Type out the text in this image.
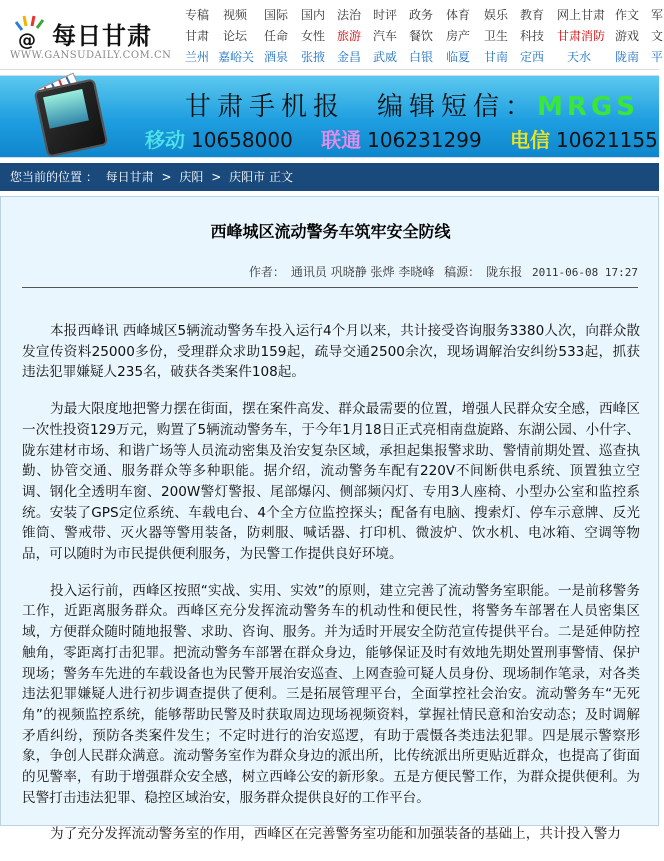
@ 每日甘肃
WWW.GANSUDAILY.COM.CN
专稿 视频 国际 国内 法治 时评 政务 体育 娱乐 教育 网上甘肃 作文 军
甘肃 论坛 任命 女性 旅游 汽车 餐饮 房产 卫生 科技 甘肃消防 游戏 文
兰州 嘉峪关 酒泉 张掖 金昌 武威 白银 临夏 甘南 定西 天水 陇南 平
甘肃手机报　编辑短信：MRGS
移动 10658000 联通 106231299 电信 10621155
您当前的位置 ： 每日甘肃 > 庆阳 > 庆阳市 正文
西峰城区流动警务车筑牢安全防线
作者： 通讯员 巩晓静 张烨 李晓峰 稿源： 陇东报 2011-06-08 17:27

本报西峰讯 西峰城区5辆流动警务车投入运行4个月以来，共计接受咨询服务3380人次，向群众散发宣传资料25000多份，受理群众求助159起，疏导交通2500余次，现场调解治安纠纷533起，抓获违法犯罪嫌疑人235名，破获各类案件108起。

为最大限度地把警力摆在街面，摆在案件高发、群众最需要的位置，增强人民群众安全感，西峰区一次性投资129万元，购置了5辆流动警务车，于今年1月18日正式亮相南盘旋路、东湖公园、小什字、陇东建材市场、和谐广场等人员流动密集及治安复杂区域，承担起集报警求助、警情前期处置、巡查执勤、协管交通、服务群众等多种职能。据介绍，流动警务车配有220V不间断供电系统、顶置独立空调、钢化全透明车窗、200W警灯警报、尾部爆闪、侧部频闪灯、专用3人座椅、小型办公室和监控系统。安装了GPS定位系统、车载电台、4个全方位监控探头；配备有电脑、搜索灯、停车示意牌、反光锥筒、警戒带、灭火器等警用装备，防刺服、喊话器、打印机、微波炉、饮水机、电冰箱、空调等物品，可以随时为市民提供便利服务，为民警工作提供良好环境。

投入运行前，西峰区按照“实战、实用、实效”的原则，建立完善了流动警务室职能。一是前移警务工作，近距离服务群众。西峰区充分发挥流动警务车的机动性和便民性，将警务车部署在人员密集区域，方便群众随时随地报警、求助、咨询、服务。并为适时开展安全防范宣传提供平台。二是延伸防控触角，零距离打击犯罪。把流动警务车部署在群众身边，能够保证及时有效地先期处置刑事警情、保护现场；警务车先进的车载设备也为民警开展治安巡查、上网查验可疑人员身份、现场制作笔录，对各类违法犯罪嫌疑人进行初步调查提供了便利。三是拓展管理平台，全面掌控社会治安。流动警务车“无死角”的视频监控系统，能够帮助民警及时获取周边现场视频资料，掌握社情民意和治安动态；及时调解矛盾纠纷，预防各类案件发生；不定时进行的治安巡逻，有助于震慑各类违法犯罪。四是展示警察形象，争创人民群众满意。流动警务室作为群众身边的派出所，比传统派出所更贴近群众，也提高了街面的见警率，有助于增强群众安全感，树立西峰公安的新形象。五是方便民警工作，为群众提供便利。为民警打击违法犯罪、稳控区域治安，服务群众提供良好的工作平台。

为了充分发挥流动警务室的作用，西峰区在完善警务室功能和加强装备的基础上，共计投入警力
